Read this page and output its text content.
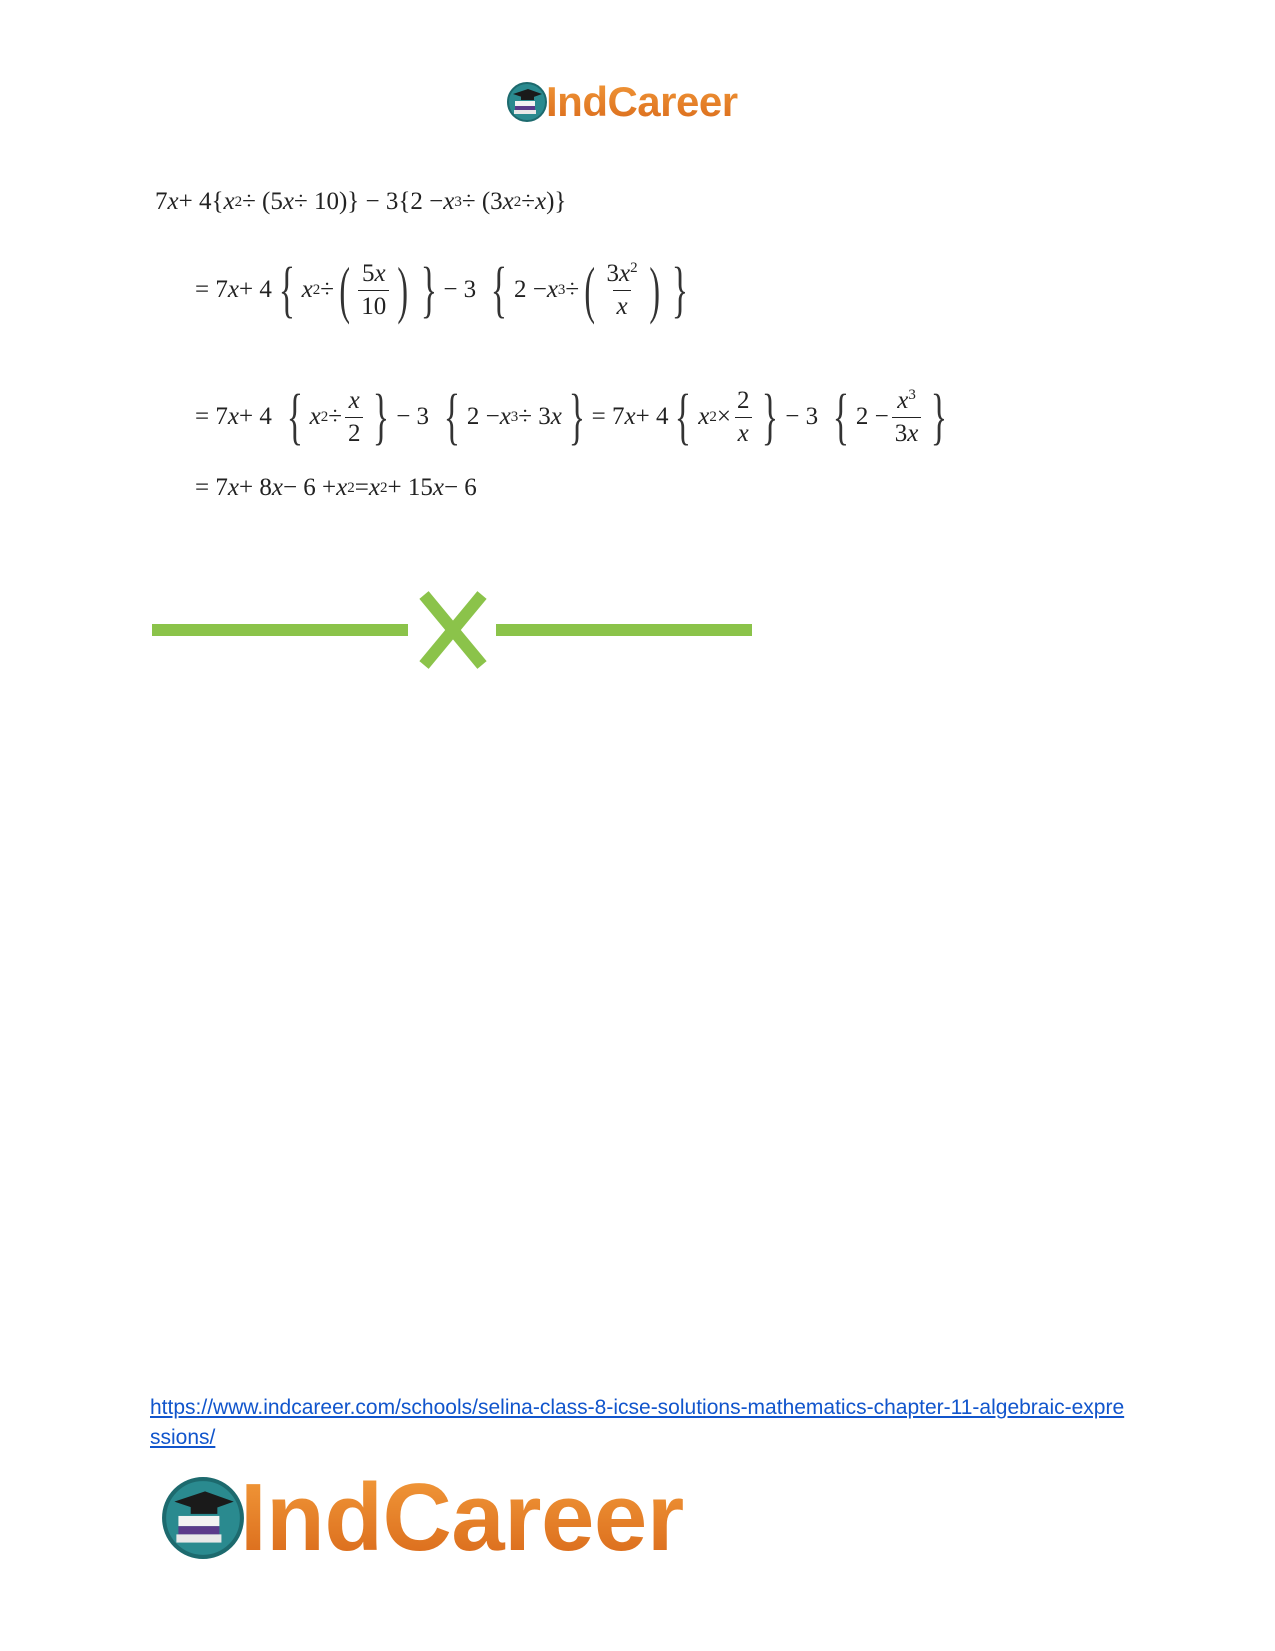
IndCareer
7 x + 4{ x 2 ÷ (5 x ÷ 10)} − 3{2 − x 3 ÷ (3 x 2 ÷ x )}
= 7 x + 4 { x 2 ÷ ( $\frac{5x}{10}$ ) } − 3 { 2 − x 3 ÷ ( $\frac{3x^2}{x}$ ) }
= 7 x + 4 { x $2 \div \frac{x}{2}$ } − 3 { 2 − x 3 ÷ 3 x } = 7 x + 4 { x $2 \times \frac{2}{x}$ } − 3 { $2 - \frac{x^3}{3x}$ }
= 7 x + 8 x − 6 + x 2 = x 2 + 15 x − 6
https://www.indcareer.com/schools/selina-class-8-icse-solutions-mathematics-chapter-11-algebraic-expressions/
IndCareer
